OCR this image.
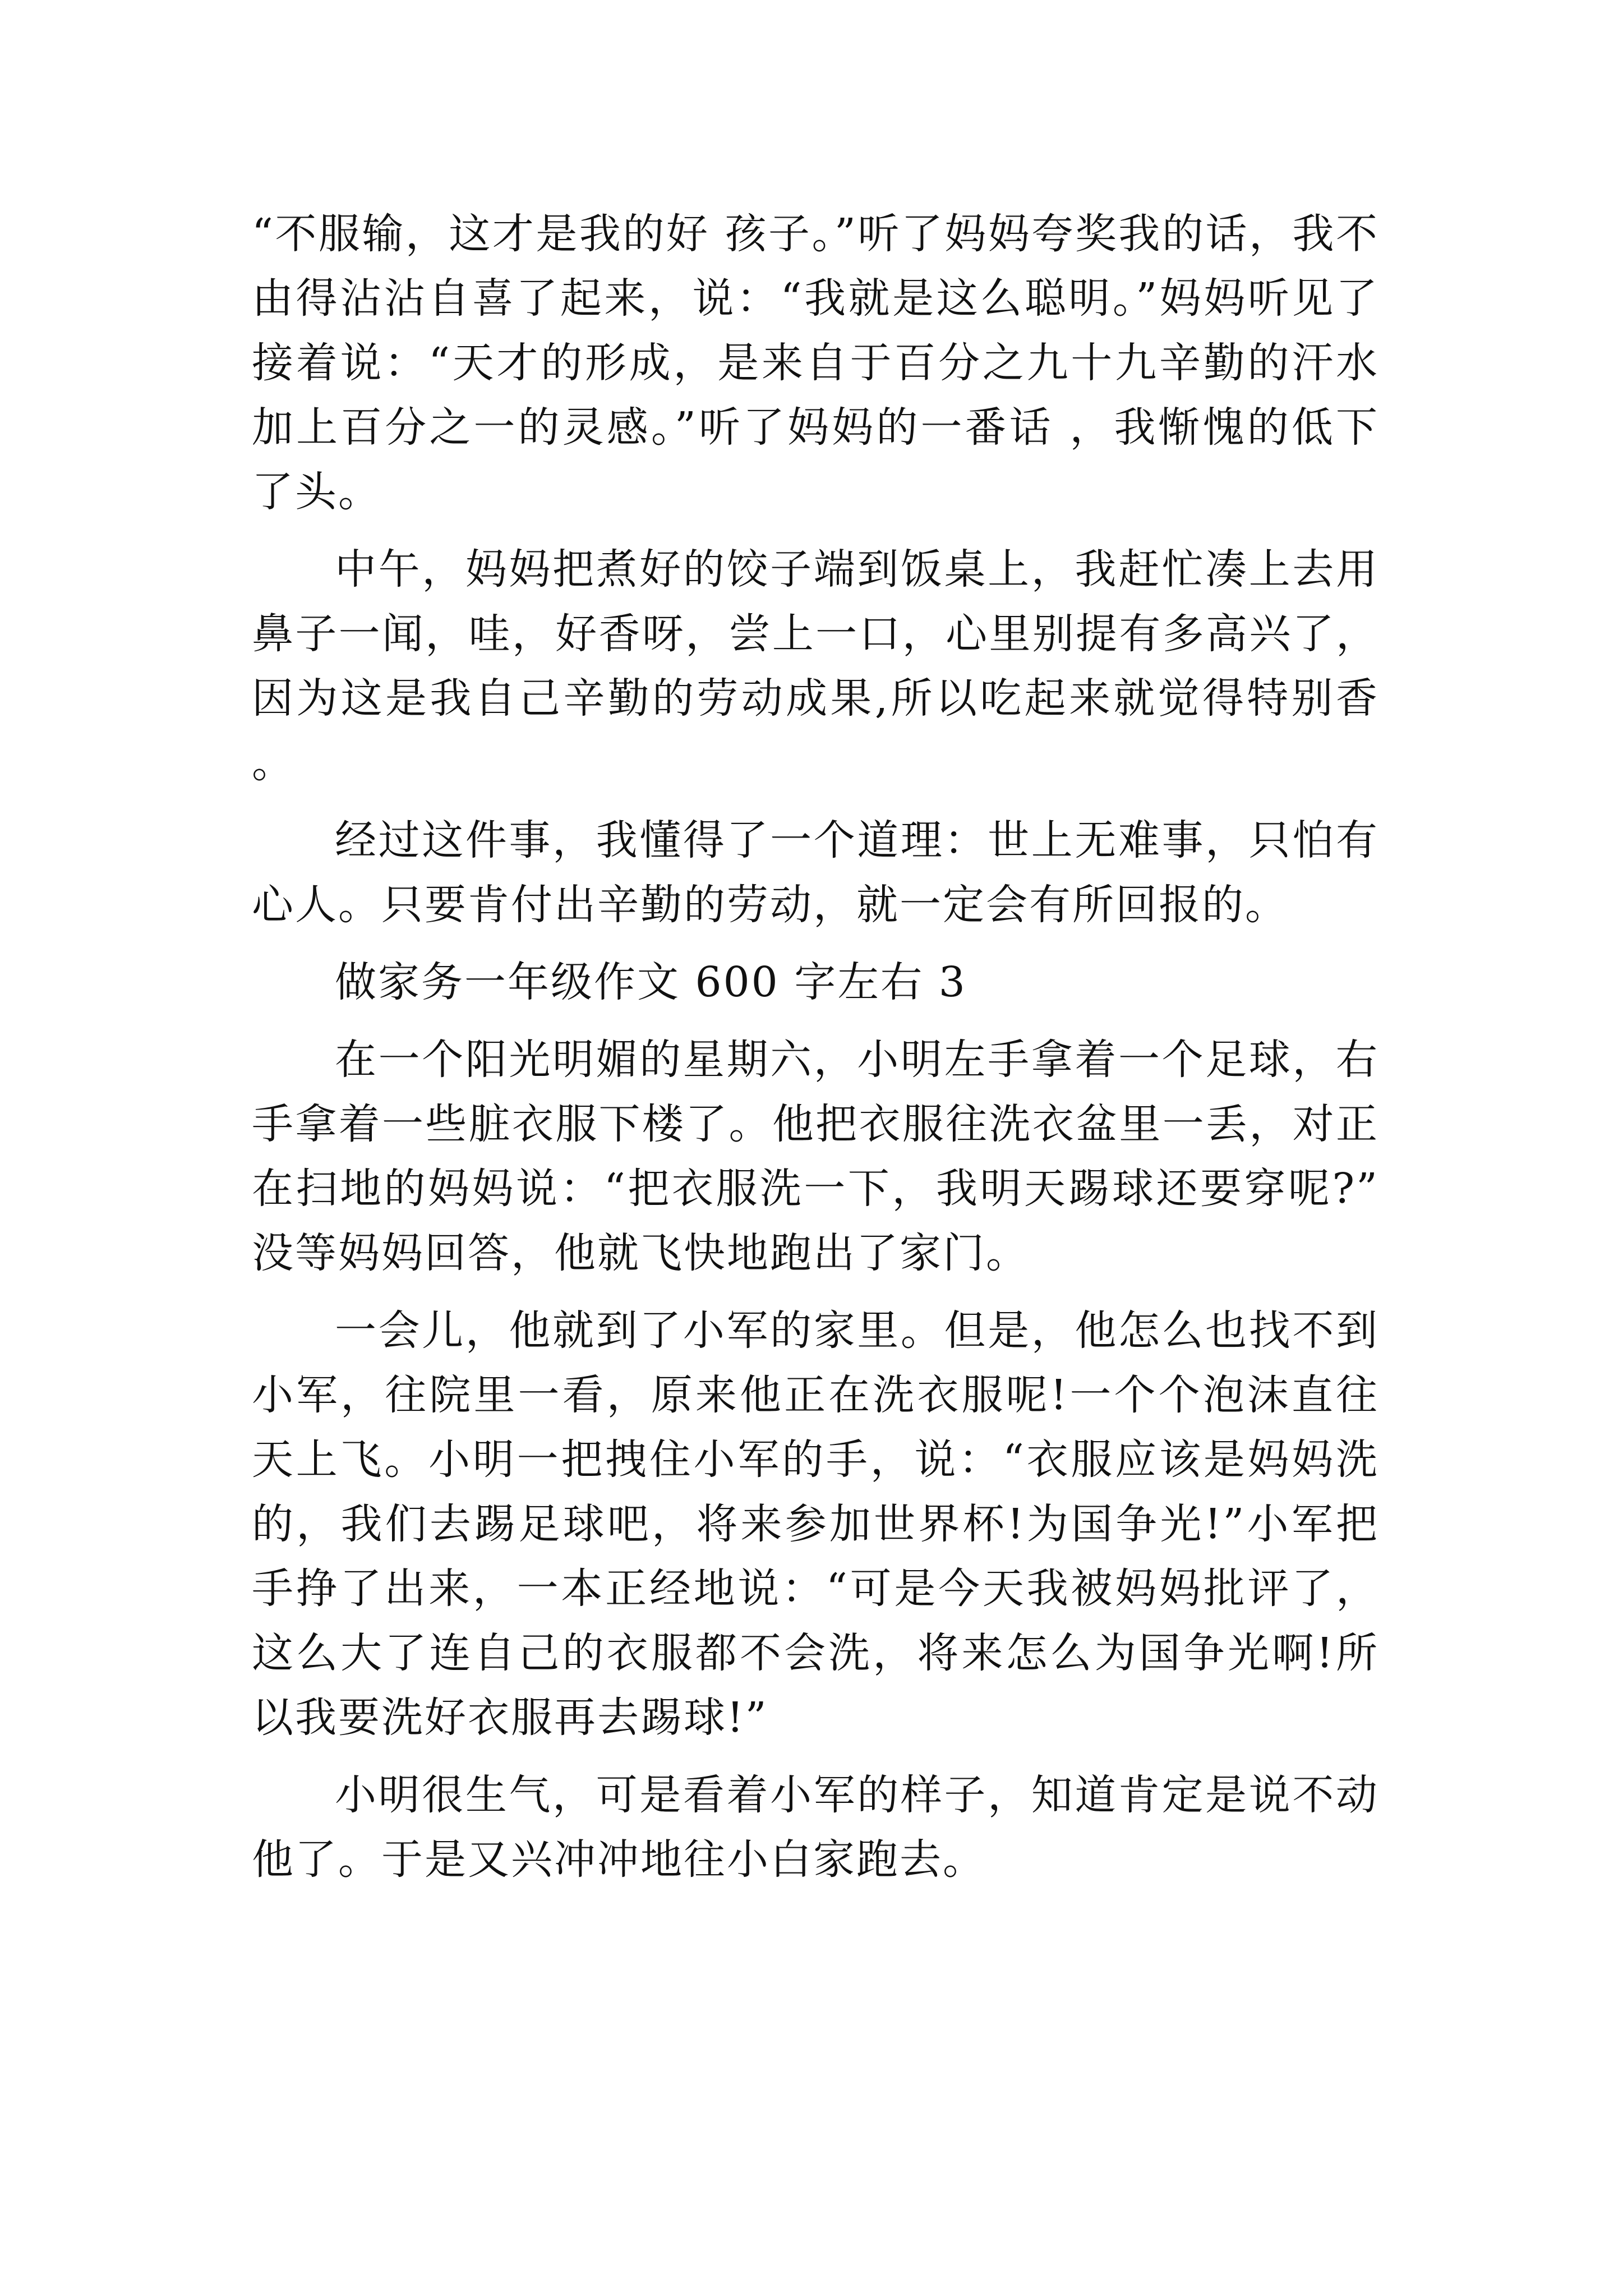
“不服输，这才是我的好 孩子。”听了妈妈夸奖我的话，我不由得沾沾自喜了起来，说：“我就是这么聪明。”妈妈听见了接着说：“天才的形成，是来自于百分之九十九辛勤的汗水加上百分之一的灵感。”听了妈妈的一番话 ，我惭愧的低下了头。

中午，妈妈把煮好的饺子端到饭桌上，我赶忙凑上去用鼻子一闻，哇，好香呀，尝上一口，心里别提有多高兴了，因为这是我自己辛勤的劳动成果,所以吃起来就觉得特别香。

经过这件事，我懂得了一个道理：世上无难事，只怕有心人。只要肯付出辛勤的劳动，就一定会有所回报的。

做家务一年级作文 600 字左右 3

在一个阳光明媚的星期六，小明左手拿着一个足球，右手拿着一些脏衣服下楼了。他把衣服往洗衣盆里一丢，对正在扫地的妈妈说：“把衣服洗一下，我明天踢球还要穿呢?”没等妈妈回答，他就飞快地跑出了家门。

一会儿，他就到了小军的家里。但是，他怎么也找不到小军，往院里一看，原来他正在洗衣服呢!一个个泡沫直往天上飞。小明一把拽住小军的手，说：“衣服应该是妈妈洗的，我们去踢足球吧，将来参加世界杯!为国争光!”小军把手挣了出来，一本正经地说：“可是今天我被妈妈批评了，这么大了连自己的衣服都不会洗，将来怎么为国争光啊!所以我要洗好衣服再去踢球!”

小明很生气，可是看着小军的样子，知道肯定是说不动他了。于是又兴冲冲地往小白家跑去。
